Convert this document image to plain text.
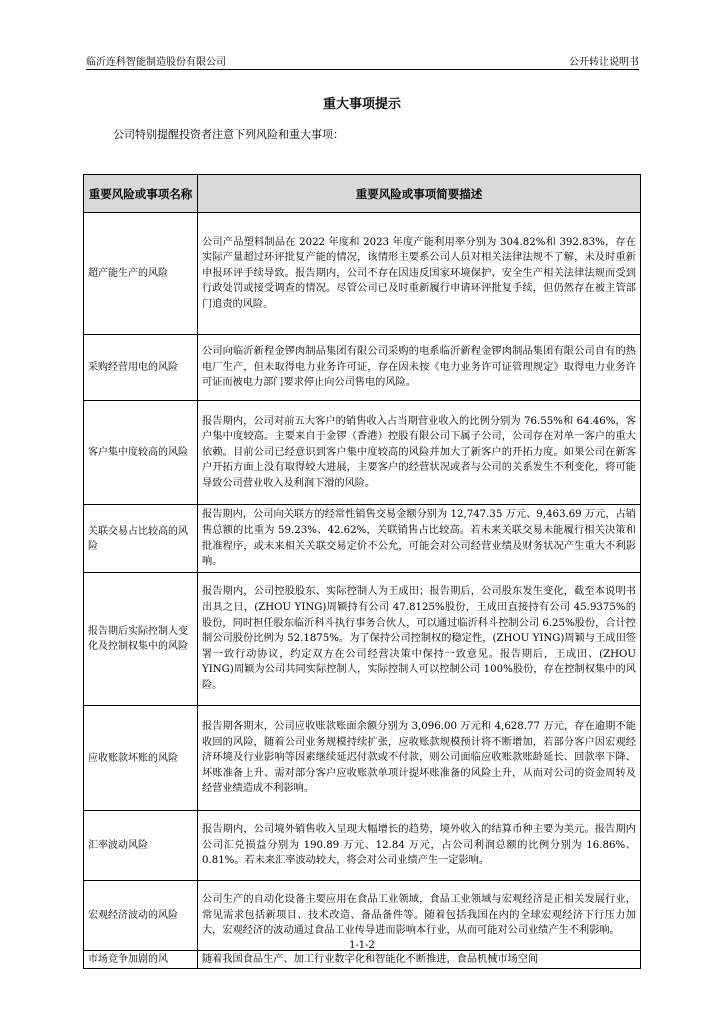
临沂连科智能制造股份有限公司	公开转让说明书
重大事项提示
公司特别提醒投资者注意下列风险和重大事项：
重要风险或事项名称	重要风险或事项简要描述
超产能生产的风险	公司产品塑料制品在 2022 年度和 2023 年度产能利用率分别为 304.82%和 392.83%，存在实际产量超过环评批复产能的情况，该情形主要系公司人员对相关法律法规不了解，未及时重新申报环评手续导致。报告期内，公司不存在因违反国家环境保护、安全生产相关法律法规而受到行政处罚或接受调查的情况。尽管公司已及时重新履行申请环评批复手续，但仍然存在被主管部门追责的风险。

采购经营用电的风险	公司向临沂新程金锣肉制品集团有限公司采购的电系临沂新程金锣肉制品集团有限公司自有的热电厂生产，但未取得电力业务许可证，存在因未按《电力业务许可证管理规定》取得电力业务许可证而被电力部门要求停止向公司售电的风险。

客户集中度较高的风险	报告期内，公司对前五大客户的销售收入占当期营业收入的比例分别为 76.55%和 64.46%，客户集中度较高。主要来自于金锣（香港）控股有限公司下属子公司，公司存在对单一客户的重大依赖。目前公司已经意识到客户集中度较高的风险并加大了新客户的开拓力度。如果公司在新客户开拓方面上没有取得较大进展，主要客户的经营状况或者与公司的关系发生不利变化，将可能导致公司营业收入及利润下滑的风险。

关联交易占比较高的风险	报告期内，公司向关联方的经常性销售交易金额分别为 12,747.35 万元、9,463.69 万元，占销售总额的比重为 59.23%、42.62%，关联销售占比较高。若未来关联交易未能履行相关决策和批准程序，或未来相关关联交易定价不公允，可能会对公司经营业绩及财务状况产生重大不利影响。

报告期后实际控制人变化及控制权集中的风险	报告期内，公司控股股东、实际控制人为王成田；报告期后，公司股东发生变化，截至本说明书出具之日，(ZHOU YING)周颖持有公司 47.8125%股份，王成田直接持有公司 45.9375%的股份，同时担任股东临沂科斗执行事务合伙人，可以通过临沂科斗控制公司 6.25%股份，合计控制公司股份比例为 52.1875%。为了保持公司控制权的稳定性，(ZHOU YING)周颖与王成田签署一致行动协议，约定双方在公司经营决策中保持一致意见。报告期后，王成田、(ZHOU YING)周颖为公司共同实际控制人，实际控制人可以控制公司 100%股份，存在控制权集中的风险。

应收账款坏账的风险	报告期各期末，公司应收账款账面余额分别为 3,096.00 万元和 4,628.77 万元，存在逾期不能收回的风险，随着公司业务规模持续扩张，应收账款规模预计将不断增加，若部分客户因宏观经济环境及行业影响等因素继续延迟付款或不付款，则公司面临应收账款账龄延长、回款率下降、坏账准备上升、需对部分客户应收账款单项计提坏账准备的风险上升，从而对公司的资金周转及经营业绩造成不利影响。

汇率波动风险	报告期内，公司境外销售收入呈现大幅增长的趋势，境外收入的结算币种主要为美元。报告期内公司汇兑损益分别为 190.89 万元、12.84 万元，占公司利润总额的比例分别为 16.86%、0.81%。若未来汇率波动较大，将会对公司业绩产生一定影响。

宏观经济波动的风险	公司生产的自动化设备主要应用在食品工业领域，食品工业领域与宏观经济是正相关发展行业，常见需求包括新项目、技术改造、备品备件等。随着包括我国在内的全球宏观经济下行压力加大，宏观经济的波动通过食品工业传导进而影响本行业，从而可能对公司业绩产生不利影响。

市场竞争加剧的风	随着我国食品生产、加工行业数字化和智能化不断推进，食品机械市场空间
1-1-2
